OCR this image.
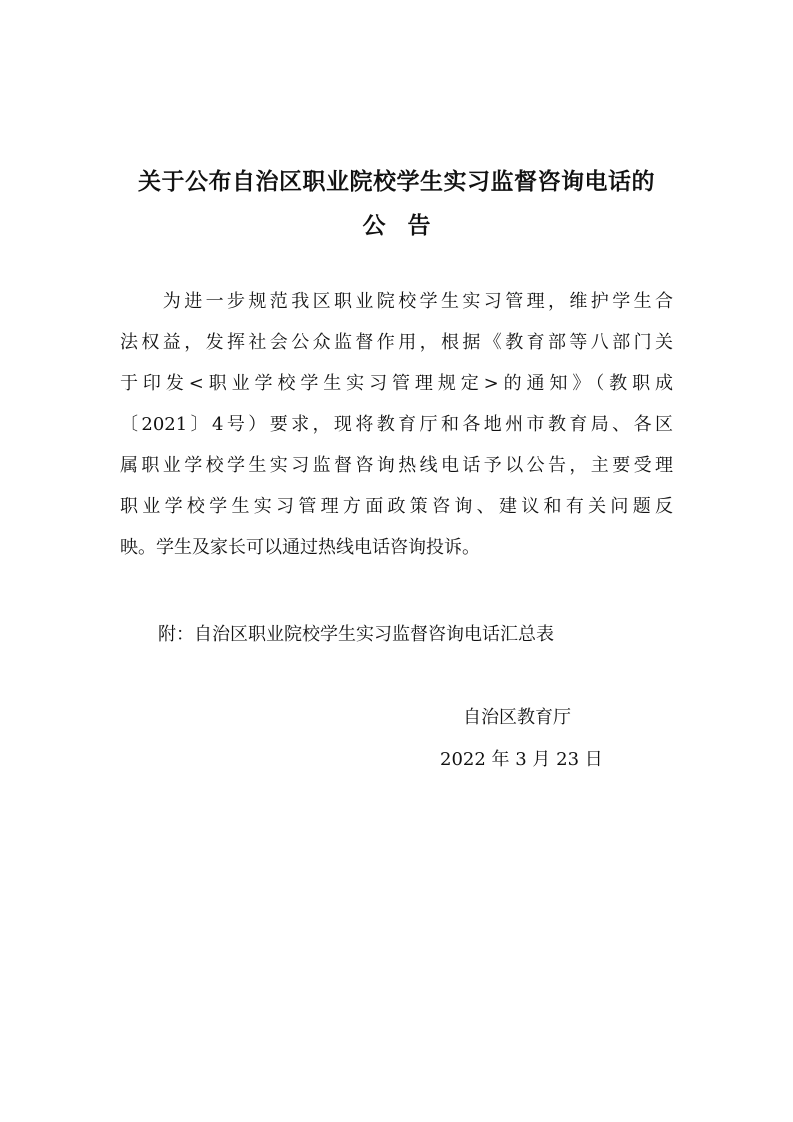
关于公布自治区职业院校学生实习监督咨询电话的
公告
　　为进一步规范我区职业院校学生实习管理，维护学生合
法权益，发挥社会公众监督作用，根据《教育部等八部门关
于印发<职业学校学生实习管理规定>的通知》（教职成
〔2021〕4号）要求，现将教育厅和各地州市教育局、各区
属职业学校学生实习监督咨询热线电话予以公告，主要受理
职业学校学生实习管理方面政策咨询、建议和有关问题反
映。学生及家长可以通过热线电话咨询投诉。
附：自治区职业院校学生实习监督咨询电话汇总表
自治区教育厅
2022 年 3 月 23 日
